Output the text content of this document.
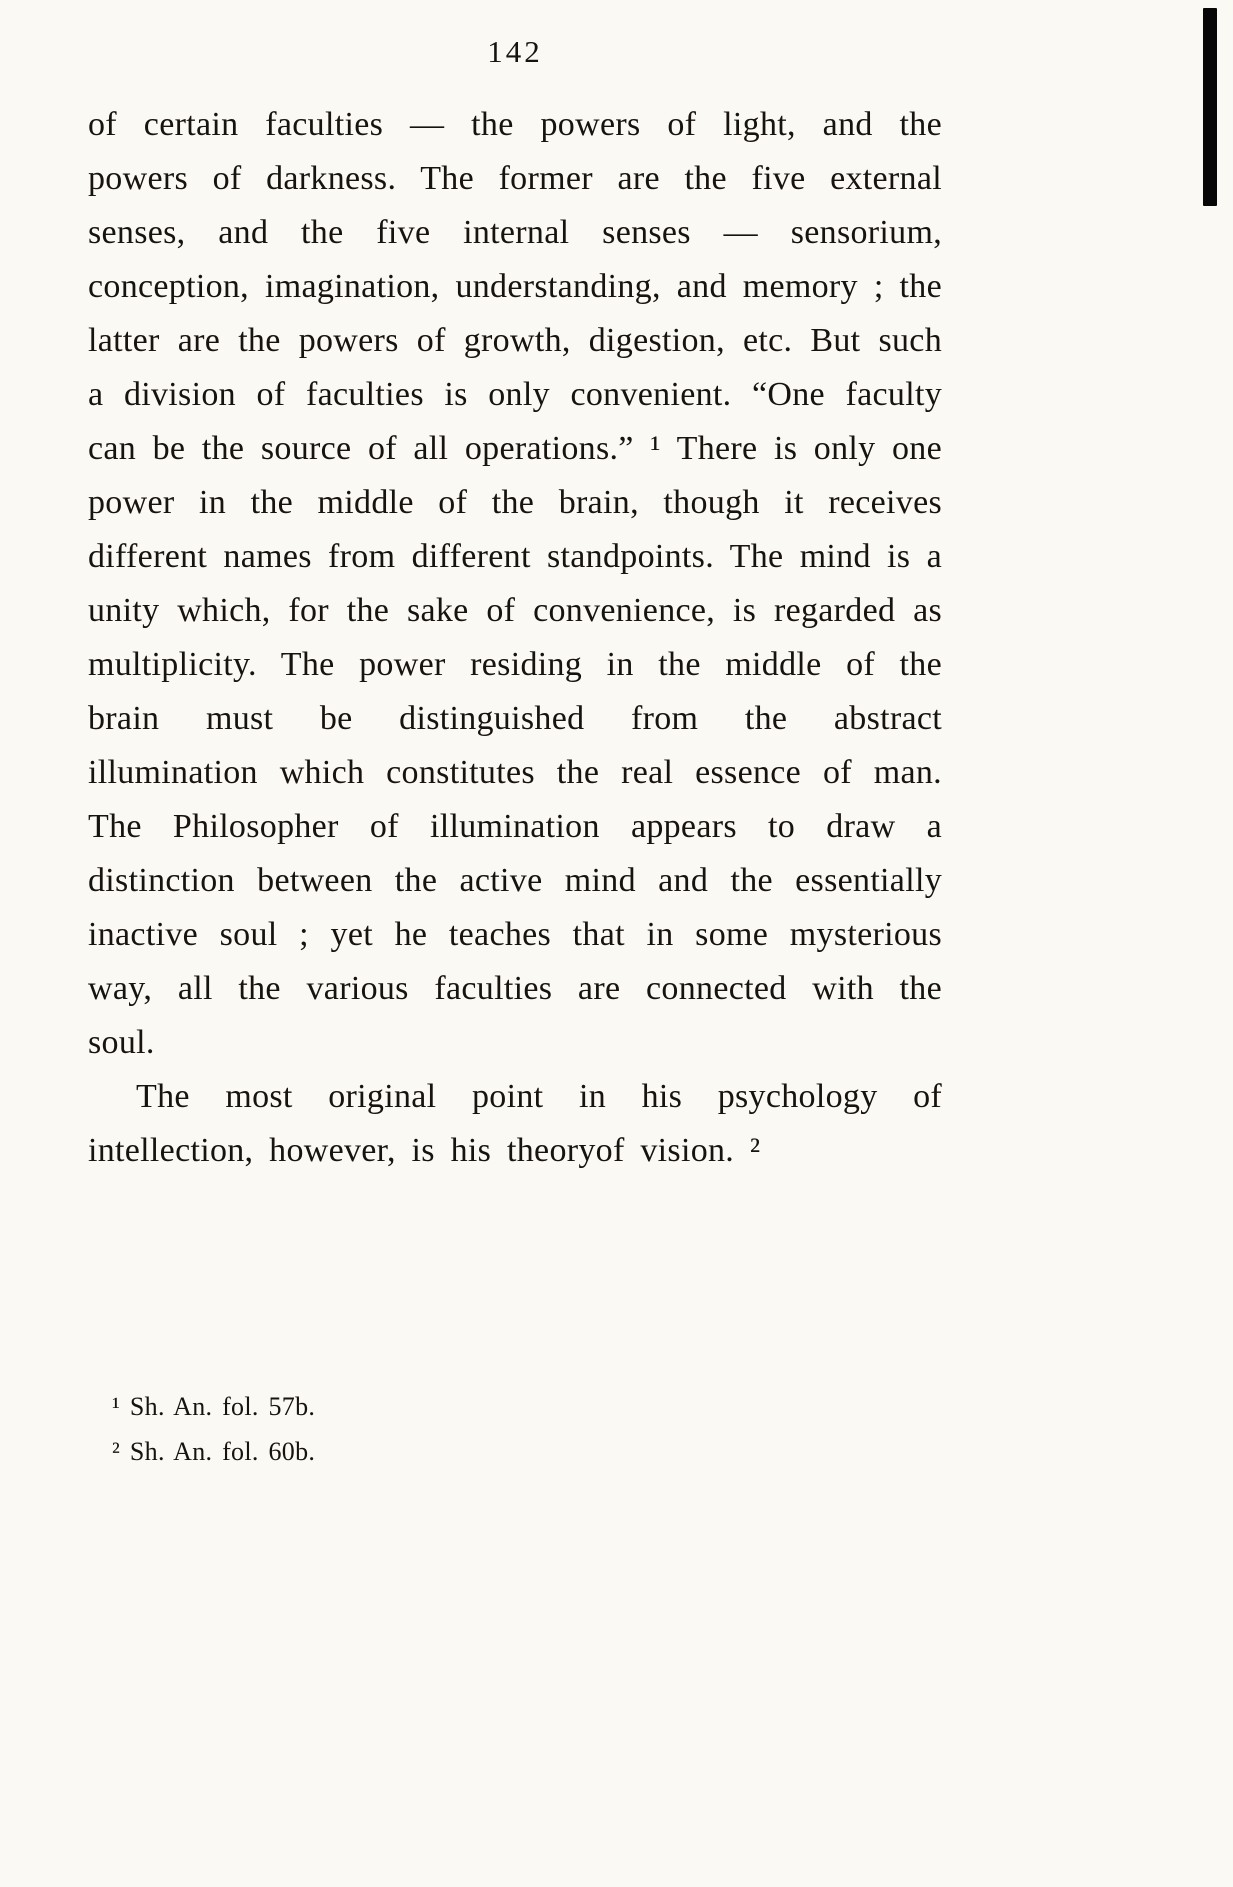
142

of certain faculties — the powers of light, and the powers of darkness. The former are the five external senses, and the five internal senses — sensorium, conception, imagination, understanding, and memory ; the latter are the powers of growth, digestion, etc. But such a division of faculties is only convenient. “One faculty can be the source of all operations.” ¹ There is only one power in the middle of the brain, though it receives different names from different standpoints. The mind is a unity which, for the sake of convenience, is regarded as multiplicity. The power residing in the middle of the brain must be distinguished from the abstract illumination which constitutes the real essence of man. The Philosopher of illumination appears to draw a distinction between the active mind and the essentially inactive soul ; yet he teaches that in some mysterious way, all the various faculties are connected with the soul.

The most original point in his psychology of intellection, however, is his theoryof vision. ²

¹ Sh. An. fol. 57b.
² Sh. An. fol. 60b.
